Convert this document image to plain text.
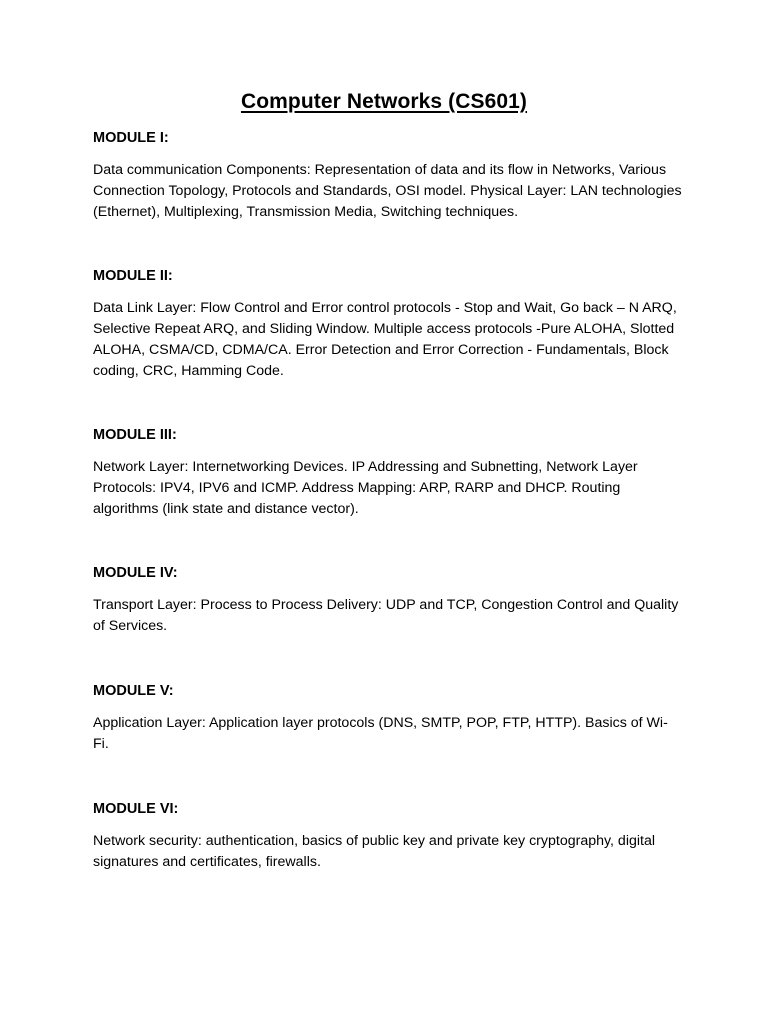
Computer Networks (CS601)

MODULE I:

Data communication Components: Representation of data and its flow in Networks, Various Connection Topology, Protocols and Standards, OSI model. Physical Layer: LAN technologies (Ethernet), Multiplexing, Transmission Media, Switching techniques.

MODULE II:

Data Link Layer: Flow Control and Error control protocols - Stop and Wait, Go back – N ARQ, Selective Repeat ARQ, and Sliding Window. Multiple access protocols -Pure ALOHA, Slotted ALOHA, CSMA/CD, CDMA/CA. Error Detection and Error Correction - Fundamentals, Block coding, CRC, Hamming Code.

MODULE III:

Network Layer: Internetworking Devices. IP Addressing and Subnetting, Network Layer Protocols: IPV4, IPV6 and ICMP. Address Mapping: ARP, RARP and DHCP. Routing algorithms (link state and distance vector).

MODULE IV:

Transport Layer: Process to Process Delivery: UDP and TCP, Congestion Control and Quality of Services.

MODULE V:

Application Layer: Application layer protocols (DNS, SMTP, POP, FTP, HTTP). Basics of Wi-Fi.

MODULE VI:

Network security: authentication, basics of public key and private key cryptography, digital signatures and certificates, firewalls.
